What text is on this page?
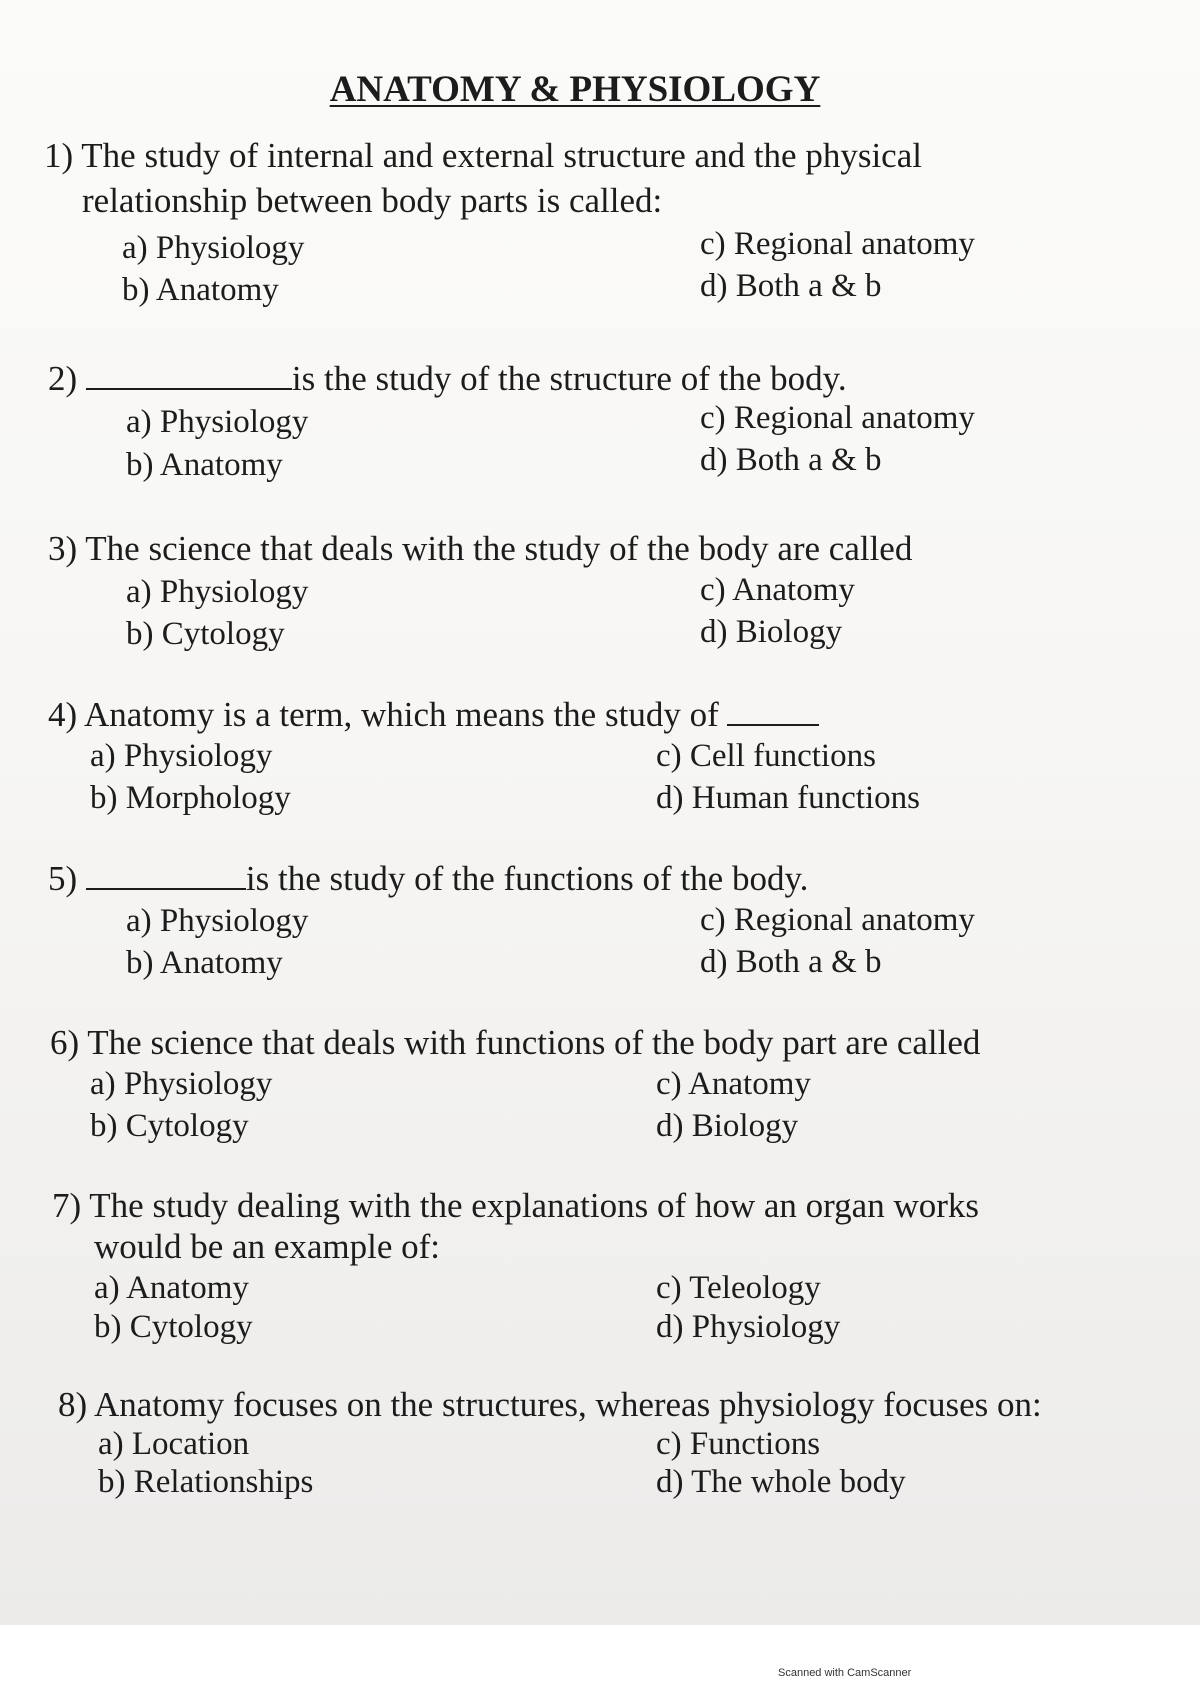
ANATOMY & PHYSIOLOGY
1) The study of internal and external structure and the physical
relationship between body parts is called:
a) Physiology
b) Anatomy
c) Regional anatomy
d) Both a & b
2)	is the study of the structure of the body.
a) Physiology
b) Anatomy
c) Regional anatomy
d) Both a & b
3) The science that deals with the study of the body are called
a) Physiology
b) Cytology
c) Anatomy
d) Biology
4) Anatomy is a term, which means the study of
a) Physiology
b) Morphology
c) Cell functions
d) Human functions
5)	is the study of the functions of the body.
a) Physiology
b) Anatomy
c) Regional anatomy
d) Both a & b
6) The science that deals with functions of the body part are called
a) Physiology
b) Cytology
c) Anatomy
d) Biology
7) The study dealing with the explanations of how an organ works
would be an example of:
a) Anatomy
b) Cytology
c) Teleology
d) Physiology
8) Anatomy focuses on the structures, whereas physiology focuses on:
a) Location
b) Relationships
c) Functions
d) The whole body
Scanned with CamScanner
